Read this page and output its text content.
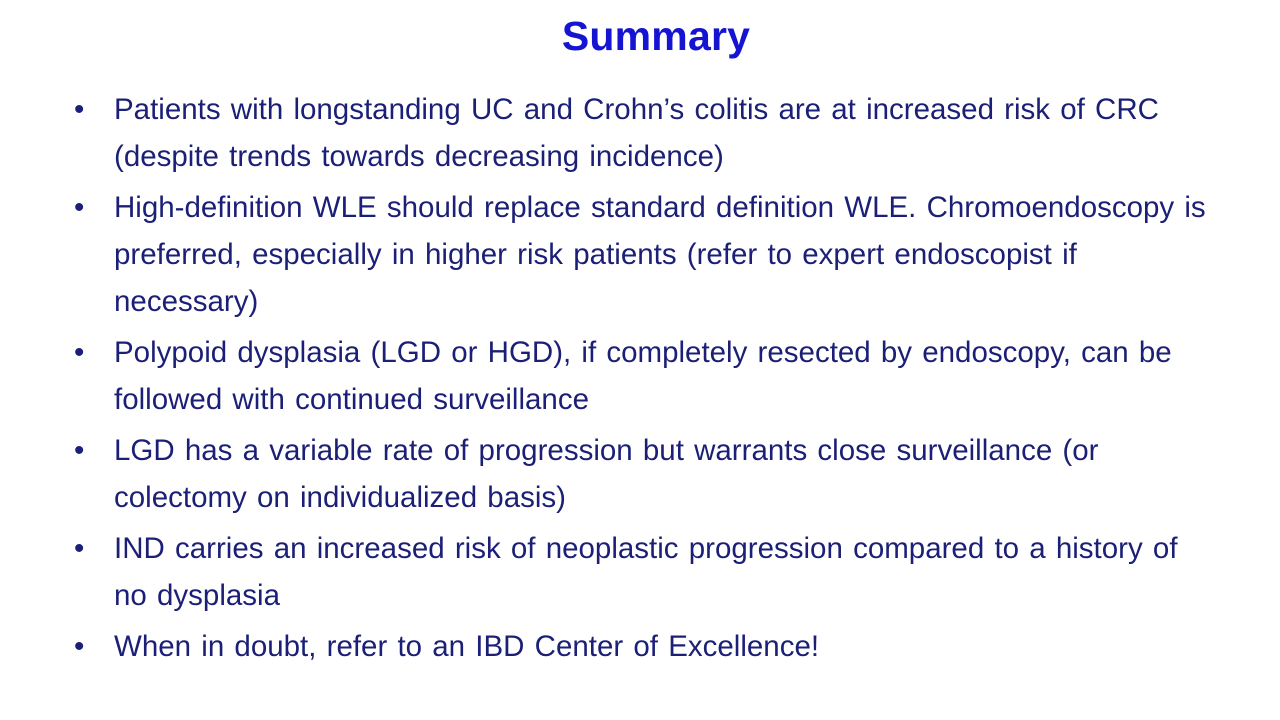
Summary
•	Patients with longstanding UC and Crohn’s colitis are at increased risk of CRC (despite trends towards decreasing incidence)
•	High-definition WLE should replace standard definition WLE. Chromoendoscopy is preferred, especially in higher risk patients (refer to expert endoscopist if necessary)
•	Polypoid dysplasia (LGD or HGD), if completely resected by endoscopy, can be followed with continued surveillance
•	LGD has a variable rate of progression but warrants close surveillance (or colectomy on individualized basis)
•	IND carries an increased risk of neoplastic progression compared to a history of no dysplasia
•	When in doubt, refer to an IBD Center of Excellence!
